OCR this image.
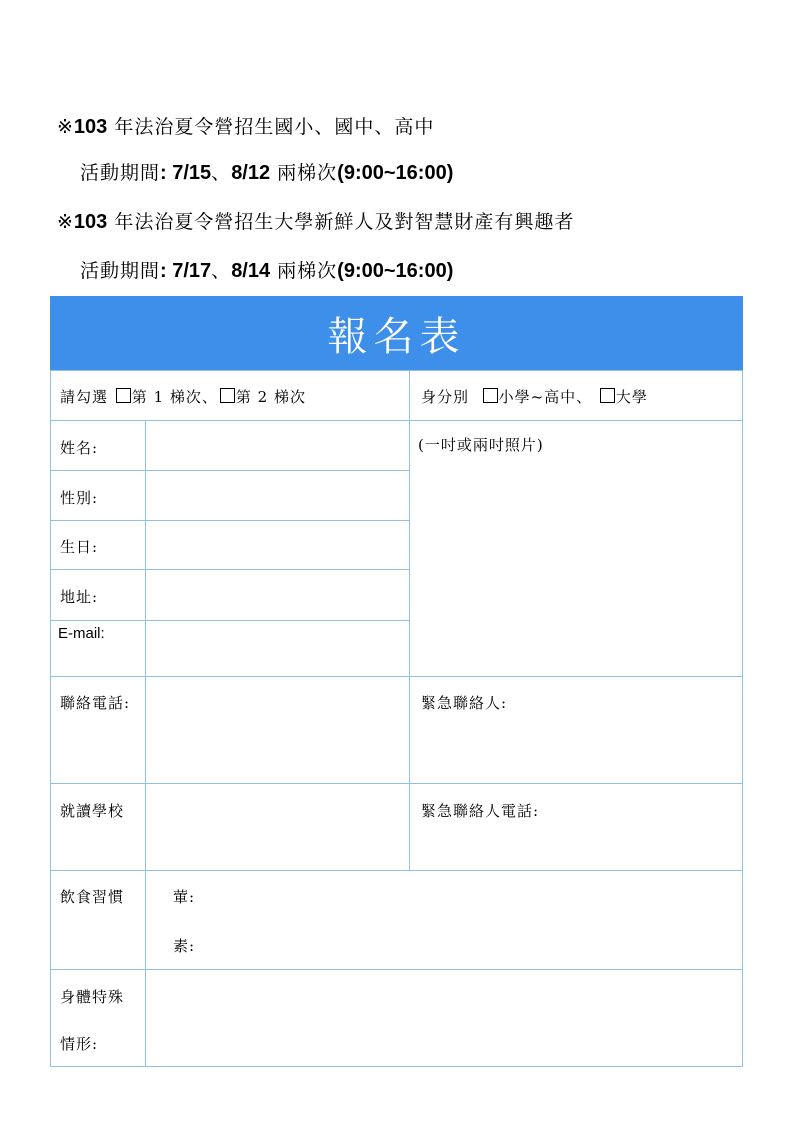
※103 年法治夏令營招生國小、國中、高中
活動期間: 7/15、8/12 兩梯次(9:00~16:00)
※103 年法治夏令營招生大學新鮮人及對智慧財產有興趣者
活動期間: 7/17、8/14 兩梯次(9:00~16:00)
報名表
請勾選 第 1 梯次、 第 2 梯次	身分別 小學~高中、 大學
姓名:
性別:
生日:
地址:
E-mail:
(一吋或兩吋照片)
聯絡電話:	緊急聯絡人:
就讀學校	緊急聯絡人電話:
飲食習慣	葷:
素:
身體特殊
情形:
